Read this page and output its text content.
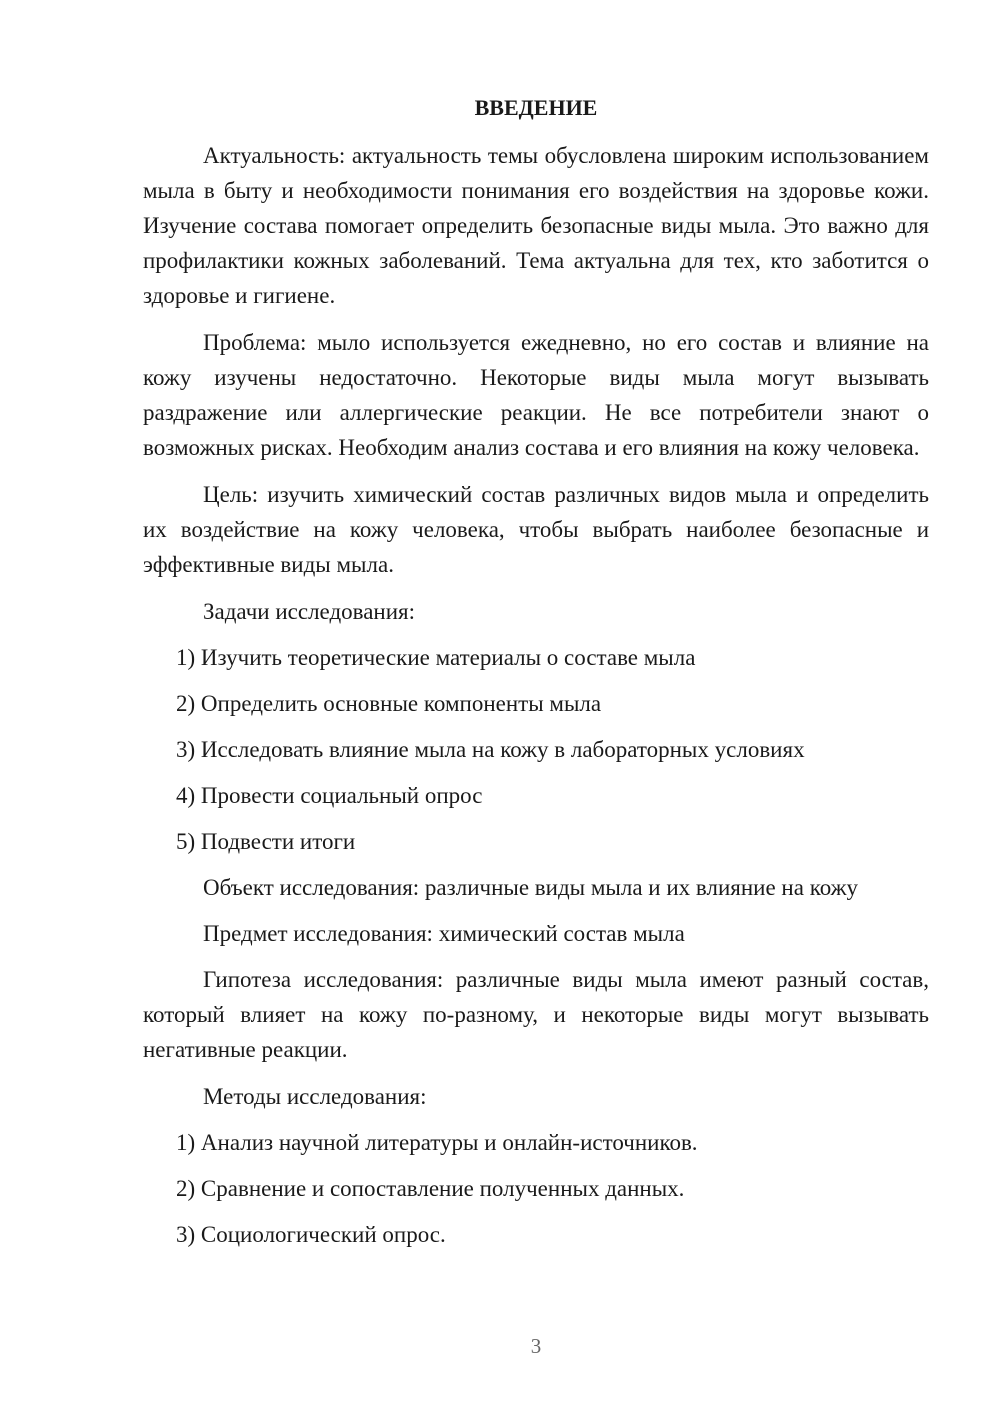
ВВЕДЕНИЕ

Актуальность: актуальность темы обусловлена широким использованием мыла в быту и необходимости понимания его воздействия на здоровье кожи. Изучение состава помогает определить безопасные виды мыла. Это важно для профилактики кожных заболеваний. Тема актуальна для тех, кто заботится о здоровье и гигиене.

Проблема: мыло используется ежедневно, но его состав и влияние на кожу изучены недостаточно. Некоторые виды мыла могут вызывать раздражение или аллергические реакции. Не все потребители знают о возможных рисках. Необходим анализ состава и его влияния на кожу человека.

Цель: изучить химический состав различных видов мыла и определить их воздействие на кожу человека, чтобы выбрать наиболее безопасные и эффективные виды мыла.

Задачи исследования:

1) Изучить теоретические материалы о составе мыла

2) Определить основные компоненты мыла

3) Исследовать влияние мыла на кожу в лабораторных условиях

4) Провести социальный опрос

5) Подвести итоги

Объект исследования: различные виды мыла и их влияние на кожу

Предмет исследования: химический состав мыла

Гипотеза исследования: различные виды мыла имеют разный состав, который влияет на кожу по-разному, и некоторые виды могут вызывать негативные реакции.

Методы исследования:

1) Анализ научной литературы и онлайн-источников.

2) Сравнение и сопоставление полученных данных.

3) Социологический опрос.

3
